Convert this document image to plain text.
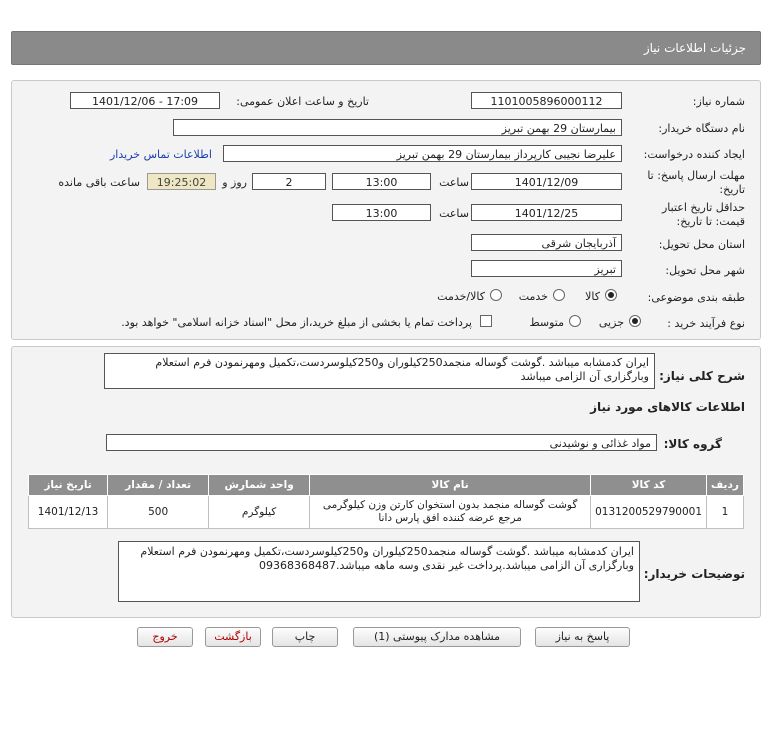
جزئیات اطلاعات نیاز
شماره نیاز:
1101005896000112
تاریخ و ساعت اعلان عمومی:
1401/12/06 - 17:09
نام دستگاه خریدار:
بیمارستان 29 بهمن تبریز
ایجاد کننده درخواست:
علیرضا نجیبی کارپرداز بیمارستان 29 بهمن تبریز
اطلاعات تماس خریدار
مهلت ارسال پاسخ: تا
تاریخ:
1401/12/09
ساعت
13:00
2
روز و
19:25:02
ساعت باقی مانده
حداقل تاریخ اعتبار
قیمت: تا تاریخ:
1401/12/25
ساعت
13:00
استان محل تحویل:
آذربایجان شرقی
شهر محل تحویل:
تبریز
طبقه بندی موضوعی:
کالا
خدمت
کالا/خدمت
نوع فرآیند خرید :
جزیی
متوسط
پرداخت تمام یا بخشی از مبلغ خرید،از محل "اسناد خزانه اسلامی" خواهد بود.
شرح کلی نیاز:
ایران کدمشابه میباشد .گوشت گوساله منجمد250کیلوران و250کیلوسردست،تکمیل ومهرنمودن فرم استعلام وبارگزاری آن الزامی میباشد
اطلاعات کالاهای مورد نیاز
گروه کالا:
مواد غذائی و نوشیدنی
ردیف	کد کالا	نام کالا	واحد شمارش	تعداد / مقدار	تاریخ نیاز
1	0131200529790001	گوشت گوساله منجمد بدون استخوان کارتن وزن کیلوگرمی مرجع عرضه کننده افق پارس دانا	کیلوگرم	500	1401/12/13
توضیحات خریدار:
ایران کدمشابه میباشد .گوشت گوساله منجمد250کیلوران و250کیلوسردست،تکمیل ومهرنمودن فرم استعلام وبارگزاری آن الزامی میباشد.پرداخت غیر نقدی وسه ماهه میباشد.09368368487
پاسخ به نیاز
مشاهده مدارک پیوستی (1)
چاپ
بازگشت
خروج
